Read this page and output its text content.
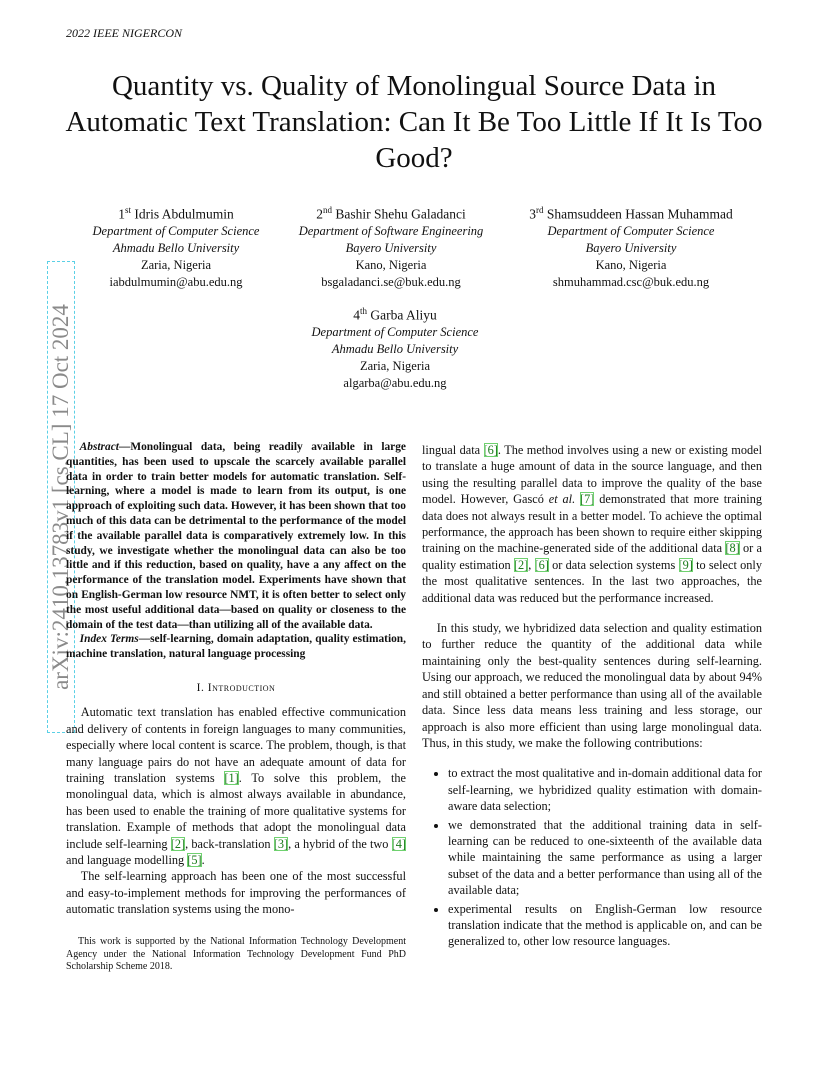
2022 IEEE NIGERCON
arXiv:2410.13783v1 [cs.CL] 17 Oct 2024
Quantity vs. Quality of Monolingual Source Data in Automatic Text Translation: Can It Be Too Little If It Is Too Good?
1st Idris Abdulmumin
Department of Computer Science
Ahmadu Bello University
Zaria, Nigeria
iabdulmumin@abu.edu.ng
2nd Bashir Shehu Galadanci
Department of Software Engineering
Bayero University
Kano, Nigeria
bsgaladanci.se@buk.edu.ng
3rd Shamsuddeen Hassan Muhammad
Department of Computer Science
Bayero University
Kano, Nigeria
shmuhammad.csc@buk.edu.ng
4th Garba Aliyu
Department of Computer Science
Ahmadu Bello University
Zaria, Nigeria
algarba@abu.edu.ng

Abstract—Monolingual data, being readily available in large quantities, has been used to upscale the scarcely available parallel data in order to train better models for automatic translation. Self-learning, where a model is made to learn from its output, is one approach of exploiting such data. However, it has been shown that too much of this data can be detrimental to the performance of the model if the available parallel data is comparatively extremely low. In this study, we investigate whether the monolingual data can also be too little and if this reduction, based on quality, have a any affect on the performance of the translation model. Experiments have shown that on English-German low resource NMT, it is often better to select only the most useful additional data—based on quality or closeness to the domain of the test data—than utilizing all of the available data.

Index Terms—self-learning, domain adaptation, quality estimation, machine translation, natural language processing

I. Introduction

Automatic text translation has enabled effective communication and delivery of contents in foreign languages to many communities, especially where local content is scarce. The problem, though, is that many language pairs do not have an adequate amount of data for training translation systems [1]. To solve this problem, the monolingual data, which is almost always available in abundance, has been used to enable the training of more qualitative systems for translation. Example of methods that adopt the monolingual data include self-learning [2], back-translation [3], a hybrid of the two [4] and language modelling [5].

The self-learning approach has been one of the most successful and easy-to-implement methods for improving the performances of automatic translation systems using the mono-

This work is supported by the National Information Technology Development Agency under the National Information Technology Development Fund PhD Scholarship Scheme 2018.

lingual data [6]. The method involves using a new or existing model to translate a huge amount of data in the source language, and then using the resulting parallel data to improve the quality of the base model. However, Gascó et al. [7] demonstrated that more training data does not always result in a better model. To achieve the optimal performance, the approach has been shown to require either skipping training on the machine-generated side of the additional data [8] or a quality estimation [2], [6] or data selection systems [9] to select only the most qualitative sentences. In the last two approaches, the additional data was reduced but the performance increased.

In this study, we hybridized data selection and quality estimation to further reduce the quantity of the additional data while maintaining only the best-quality sentences during self-learning. Using our approach, we reduced the monolingual data by about 94% and still obtained a better performance than using all of the available data. Since less data means less training and less storage, our approach is also more efficient than using large monolingual data. Thus, in this study, we make the following contributions:

• to extract the most qualitative and in-domain additional data for self-learning, we hybridized quality estimation with domain-aware data selection;
• we demonstrated that the additional training data in self-learning can be reduced to one-sixteenth of the available data while maintaining the same performance as using a larger subset of the data and a better performance than using all of the available data;
• experimental results on English-German low resource translation indicate that the method is applicable on, and can be generalized to, other low resource languages.
